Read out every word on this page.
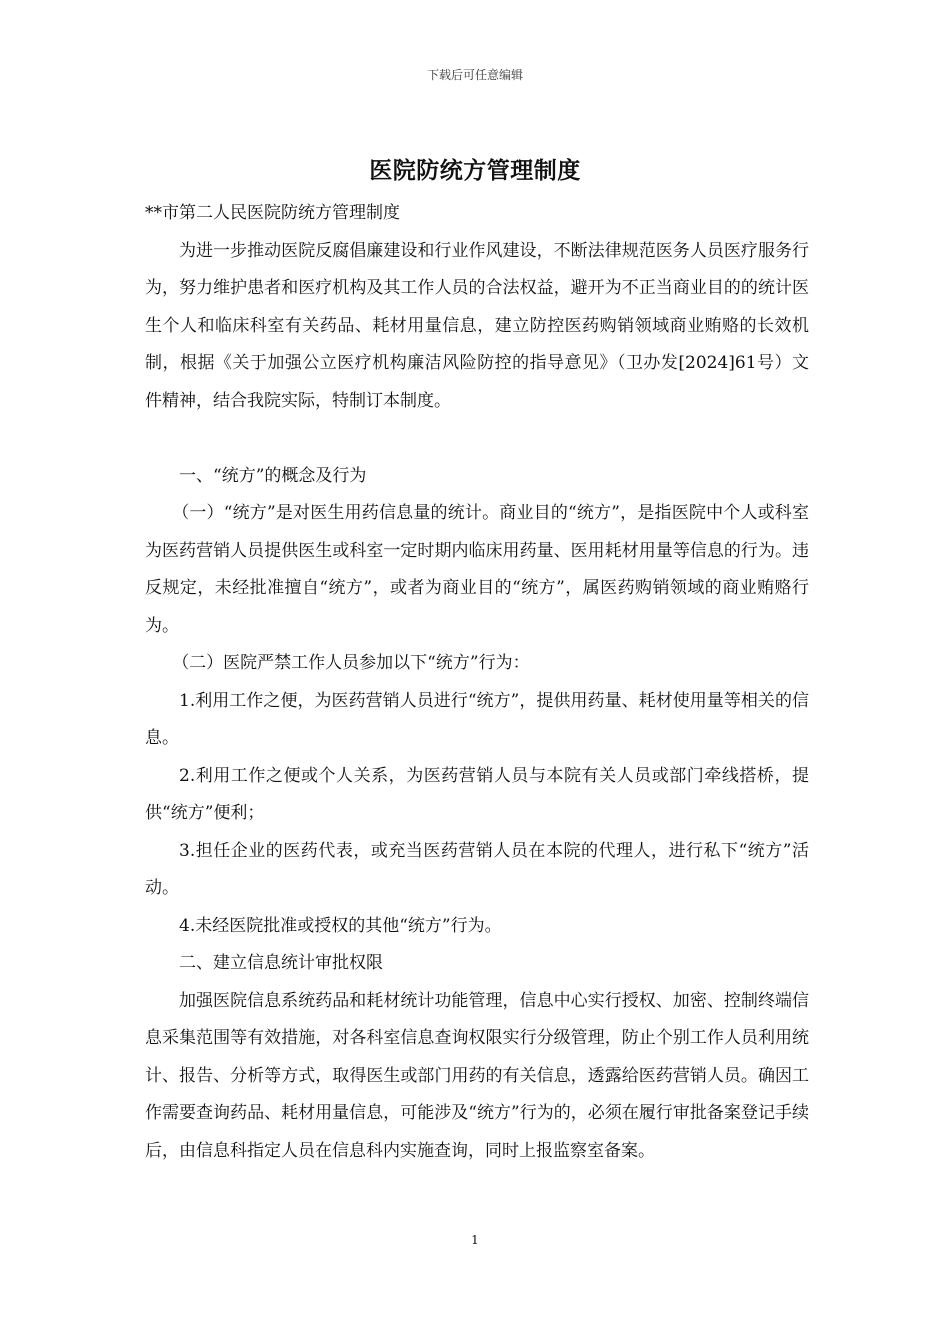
下载后可任意编辑
医院防统方管理制度

**市第二人民医院防统方管理制度

为进一步推动医院反腐倡廉建设和行业作风建设，不断法律规范医务人员医疗服务行为，努力维护患者和医疗机构及其工作人员的合法权益，避开为不正当商业目的的统计医生个人和临床科室有关药品、耗材用量信息，建立防控医药购销领域商业贿赂的长效机制，根据《关于加强公立医疗机构廉洁风险防控的指导意见》（卫办发[2024]61号）文件精神，结合我院实际，特制订本制度。

一、“统方”的概念及行为

（一）“统方”是对医生用药信息量的统计。商业目的“统方”，是指医院中个人或科室为医药营销人员提供医生或科室一定时期内临床用药量、医用耗材用量等信息的行为。违反规定，未经批准擅自“统方”，或者为商业目的“统方”，属医药购销领域的商业贿赂行为。

（二）医院严禁工作人员参加以下“统方”行为：

1.利用工作之便，为医药营销人员进行“统方”，提供用药量、耗材使用量等相关的信息。

2.利用工作之便或个人关系，为医药营销人员与本院有关人员或部门牵线搭桥，提供“统方”便利；

3.担任企业的医药代表，或充当医药营销人员在本院的代理人，进行私下“统方”活动。

4.未经医院批准或授权的其他“统方”行为。

二、建立信息统计审批权限

加强医院信息系统药品和耗材统计功能管理，信息中心实行授权、加密、控制终端信息采集范围等有效措施，对各科室信息查询权限实行分级管理，防止个别工作人员利用统计、报告、分析等方式，取得医生或部门用药的有关信息，透露给医药营销人员。确因工作需要查询药品、耗材用量信息，可能涉及“统方”行为的，必须在履行审批备案登记手续后，由信息科指定人员在信息科内实施查询，同时上报监察室备案。

1
